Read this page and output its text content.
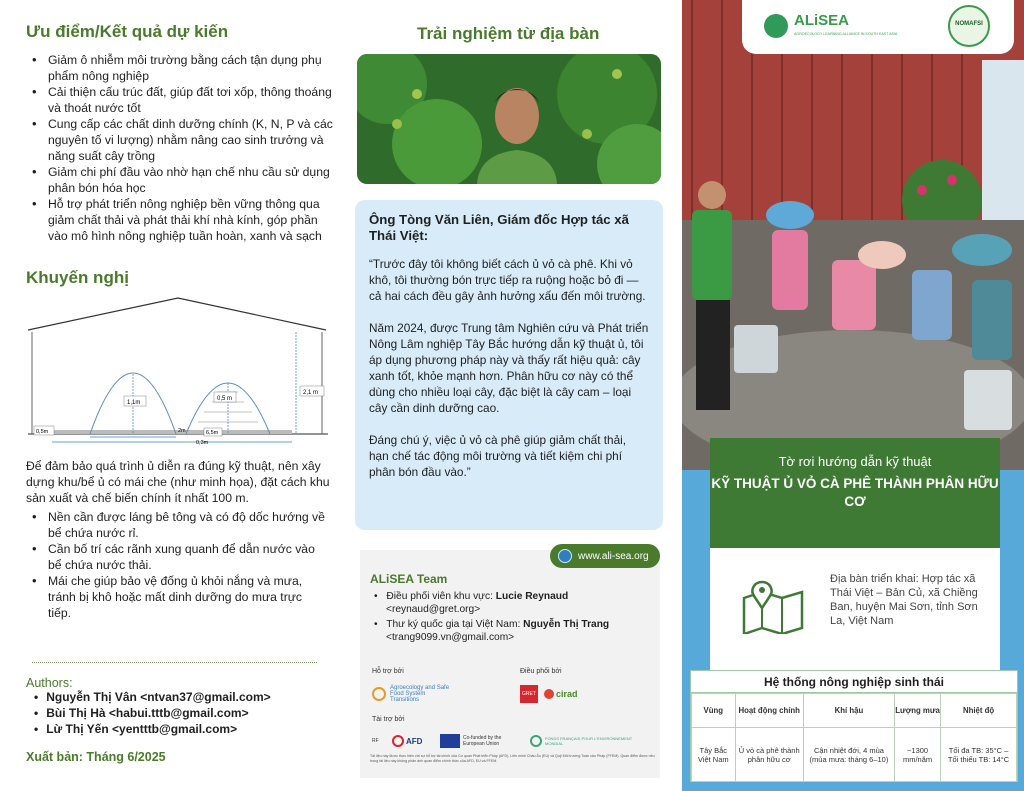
Ưu điểm/Kết quả dự kiến
• Giảm ô nhiễm môi trường bằng cách tận dụng phụ phẩm nông nghiệp
• Cải thiện cấu trúc đất, giúp đất tơi xốp, thông thoáng và thoát nước tốt
• Cung cấp các chất dinh dưỡng chính (K, N, P và các nguyên tố vi lượng) nhằm nâng cao sinh trưởng và năng suất cây trồng
• Giảm chi phí đầu vào nhờ hạn chế nhu cầu sử dụng phân bón hóa học
• Hỗ trợ phát triển nông nghiệp bền vững thông qua giảm chất thải và phát thải khí nhà kính, góp phần vào mô hình nông nghiệp tuần hoàn, xanh và sạch
Khuyến nghị
1,1m
0,5 m
2,1 m
0,5m	2m	6,5m
0,3m

Để đảm bảo quá trình ủ diễn ra đúng kỹ thuật, nên xây dựng khu/bể ủ có mái che (như minh họa), đặt cách khu sản xuất và chế biến chính ít nhất 100 m.

• Nền cần được láng bê tông và có độ dốc hướng về bể chứa nước rỉ.
• Cần bố trí các rãnh xung quanh để dẫn nước vào bể chứa nước thải.
• Mái che giúp bảo vệ đống ủ khỏi nắng và mưa, tránh bị khô hoặc mất dinh dưỡng do mưa trực tiếp.
Authors:
• Nguyễn Thị Vân <ntvan37@gmail.com>
• Bùi Thị Hà <habui.tttb@gmail.com>
• Lừ Thị Yến <yentttb@gmail.com>
Xuất bản: Tháng 6/2025
Trải nghiệm từ địa bàn
Ông Tòng Văn Liên, Giám đốc Hợp tác xã Thái Việt:

“Trước đây tôi không biết cách ủ vỏ cà phê. Khi vỏ khô, tôi thường bón trực tiếp ra ruộng hoặc bỏ đi — cả hai cách đều gây ảnh hưởng xấu đến môi trường.

Năm 2024, được Trung tâm Nghiên cứu và Phát triển Nông Lâm nghiệp Tây Bắc hướng dẫn kỹ thuật ủ, tôi áp dụng phương pháp này và thấy rất hiệu quả: cây xanh tốt, khỏe mạnh hơn. Phân hữu cơ này có thể dùng cho nhiều loại cây, đặc biệt là cây cam – loại cây cần dinh dưỡng cao.

Đáng chú ý, việc ủ vỏ cà phê giúp giảm chất thải, hạn chế tác động môi trường và tiết kiệm chi phí phân bón đầu vào.”

www.ali-sea.org
ALiSEA Team
• Điều phối viên khu vực: Lucie Reynaud
<reynaud@gret.org>
• Thư ký quốc gia tại Việt Nam: Nguyễn Thị Trang
<trang9099.vn@gmail.com>
Hỗ trợ bởi	Điều phối bởi
Agroecology and Safe Food System Transitions
GRET cirad
Tài trợ bởi
RF	AFD	Co-funded by the European Union
FONDS FRANÇAIS POUR L'ENVIRONNEMENT MONDIAL

Tài liệu này được thực hiện với sự hỗ trợ tài chính của Cơ quan Phát triển Pháp (AFD), Liên minh Châu Âu (EU) và Quỹ Môi trường Toàn cầu Pháp (FFEM). Quan điểm được nêu trong tài liệu này không phản ánh quan điểm chính thức của AFD, EU và FFEM.

ALiSEA
AGROECOLOGY LEARNING ALLIANCE IN SOUTH EAST ASIA
NOMAFSI
Tờ rơi hướng dẫn kỹ thuật
KỸ THUẬT Ủ VỎ CÀ PHÊ THÀNH PHÂN HỮU CƠ

Địa bàn triển khai: Hợp tác xã Thái Việt – Bản Củ, xã Chiềng Ban, huyện Mai Sơn, tỉnh Sơn La, Việt Nam

Hệ thống nông nghiệp sinh thái
Vùng	Hoạt động chính	Khí hậu	Lượng mưa	Nhiệt độ
Tây Bắc Việt Nam	Ủ vỏ cà phê thành phân hữu cơ	Cận nhiệt đới, 4 mùa (mùa mưa: tháng 6–10)	~1300 mm/năm	Tối đa TB: 35°C – Tối thiểu TB: 14°C
